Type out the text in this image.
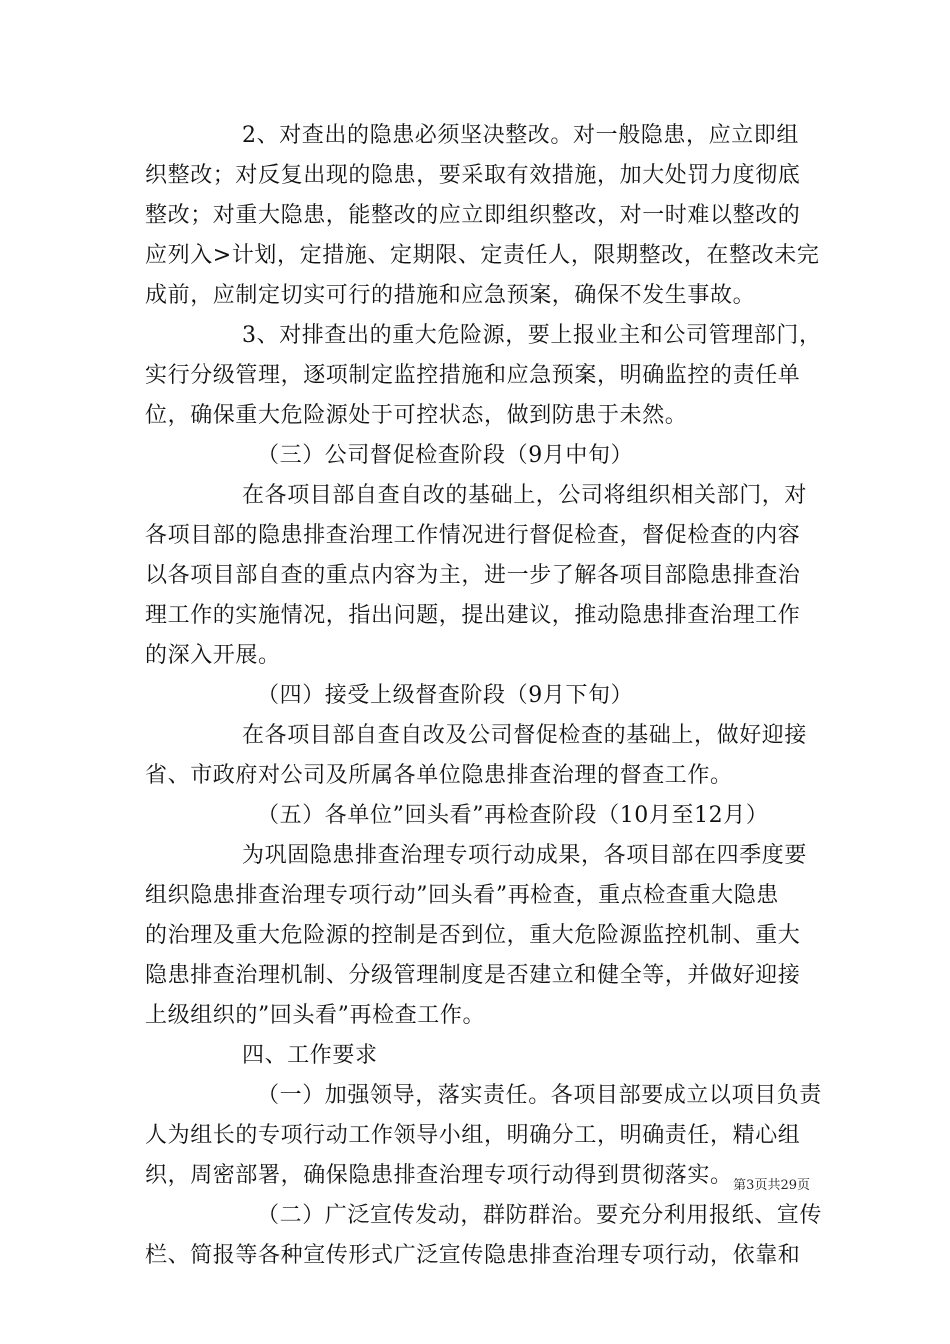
2、对查出的隐患必须坚决整改。对一般隐患，应立即组
织整改；对反复出现的隐患，要采取有效措施，加大处罚力度彻底
整改；对重大隐患，能整改的应立即组织整改，对一时难以整改的
应列入>计划，定措施、定期限、定责任人，限期整改，在整改未完
成前，应制定切实可行的措施和应急预案，确保不发生事故。
3、对排查出的重大危险源，要上报业主和公司管理部门，
实行分级管理，逐项制定监控措施和应急预案，明确监控的责任单
位，确保重大危险源处于可控状态，做到防患于未然。
（三）公司督促检查阶段（9月中旬）
在各项目部自查自改的基础上，公司将组织相关部门，对
各项目部的隐患排查治理工作情况进行督促检查，督促检查的内容
以各项目部自查的重点内容为主，进一步了解各项目部隐患排查治
理工作的实施情况，指出问题，提出建议，推动隐患排查治理工作
的深入开展。
（四）接受上级督查阶段（9月下旬）
在各项目部自查自改及公司督促检查的基础上，做好迎接
省、市政府对公司及所属各单位隐患排查治理的督查工作。
（五）各单位”回头看”再检查阶段（10月至12月）
为巩固隐患排查治理专项行动成果，各项目部在四季度要
组织隐患排查治理专项行动”回头看”再检查，重点检查重大隐患
的治理及重大危险源的控制是否到位，重大危险源监控机制、重大
隐患排查治理机制、分级管理制度是否建立和健全等，并做好迎接
上级组织的”回头看”再检查工作。
四、工作要求
（一）加强领导，落实责任。各项目部要成立以项目负责
人为组长的专项行动工作领导小组，明确分工，明确责任，精心组
织，周密部署，确保隐患排查治理专项行动得到贯彻落实。
（二）广泛宣传发动，群防群治。要充分利用报纸、宣传
栏、简报等各种宣传形式广泛宣传隐患排查治理专项行动，依靠和
第3页共29页
